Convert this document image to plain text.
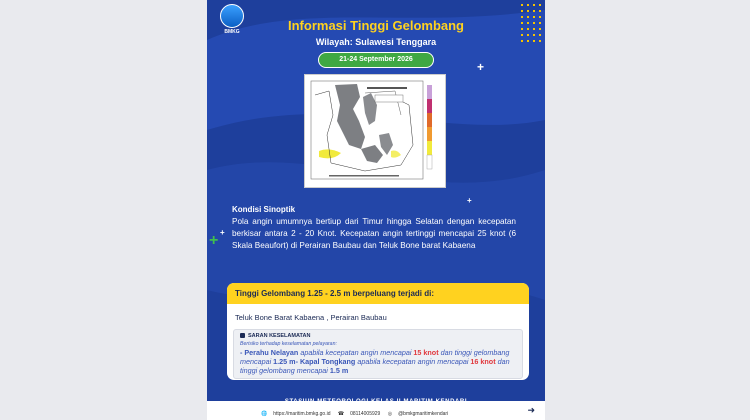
BMKG	Informasi Tinggi Gelombang
Wilayah: Sulawesi Tenggara
21-24 September 2026
+
+ +
+
Kondisi Sinoptik
Pola angin umumnya bertiup dari Timur hingga Selatan dengan kecepatan berkisar antara 2 - 20 Knot. Kecepatan angin tertinggi mencapai 25 knot (6 Skala Beaufort) di Perairan Baubau dan Teluk Bone barat Kabaena
Tinggi Gelombang 1.25 - 2.5 m berpeluang terjadi di:
Teluk Bone Barat Kabaena , Perairan Baubau
SARAN KESELAMATAN
Berisiko terhadap keselamatan pelayaran:
- Perahu Nelayan apabila kecepatan angin mencapai 15 knot dan tinggi gelombang mencapai 1.25 m- Kapal Tongkang apabila kecepatan angin mencapai 16 knot dan tinggi gelombang mencapai 1.5 m
🌐 https://maritim.bmkg.go.id ☎ 08114005929 ◎ @bmkgmaritimkendari	➜
